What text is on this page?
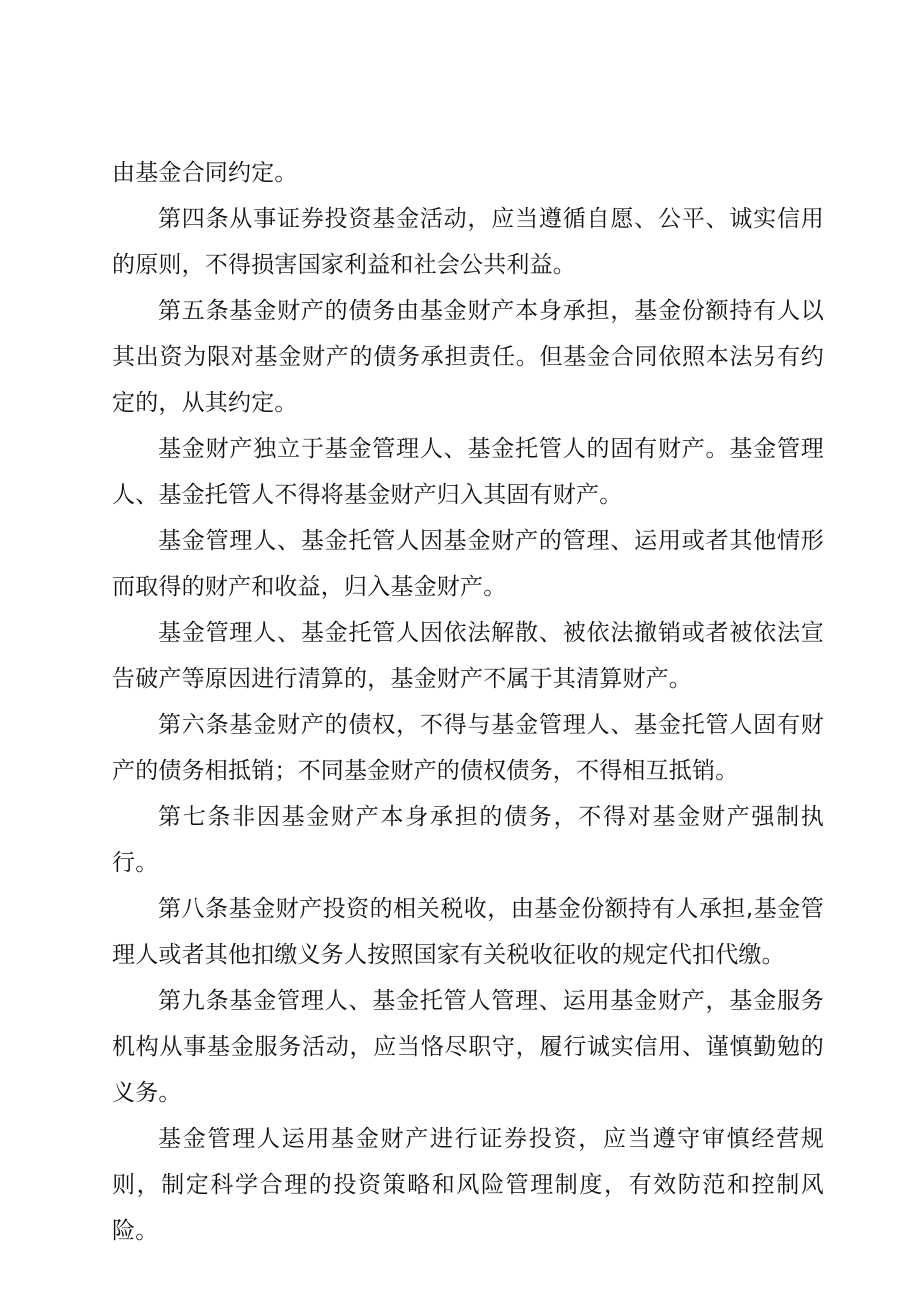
由基金合同约定。

第四条从事证券投资基金活动，应当遵循自愿、公平、诚实信用的原则，不得损害国家利益和社会公共利益。

第五条基金财产的债务由基金财产本身承担，基金份额持有人以其出资为限对基金财产的债务承担责任。但基金合同依照本法另有约定的，从其约定。

基金财产独立于基金管理人、基金托管人的固有财产。基金管理人、基金托管人不得将基金财产归入其固有财产。

基金管理人、基金托管人因基金财产的管理、运用或者其他情形而取得的财产和收益，归入基金财产。

基金管理人、基金托管人因依法解散、被依法撤销或者被依法宣告破产等原因进行清算的，基金财产不属于其清算财产。

第六条基金财产的债权，不得与基金管理人、基金托管人固有财产的债务相抵销；不同基金财产的债权债务，不得相互抵销。

第七条非因基金财产本身承担的债务，不得对基金财产强制执行。

第八条基金财产投资的相关税收，由基金份额持有人承担,基金管理人或者其他扣缴义务人按照国家有关税收征收的规定代扣代缴。

第九条基金管理人、基金托管人管理、运用基金财产，基金服务机构从事基金服务活动，应当恪尽职守，履行诚实信用、谨慎勤勉的义务。

基金管理人运用基金财产进行证券投资，应当遵守审慎经营规则，制定科学合理的投资策略和风险管理制度，有效防范和控制风险。
